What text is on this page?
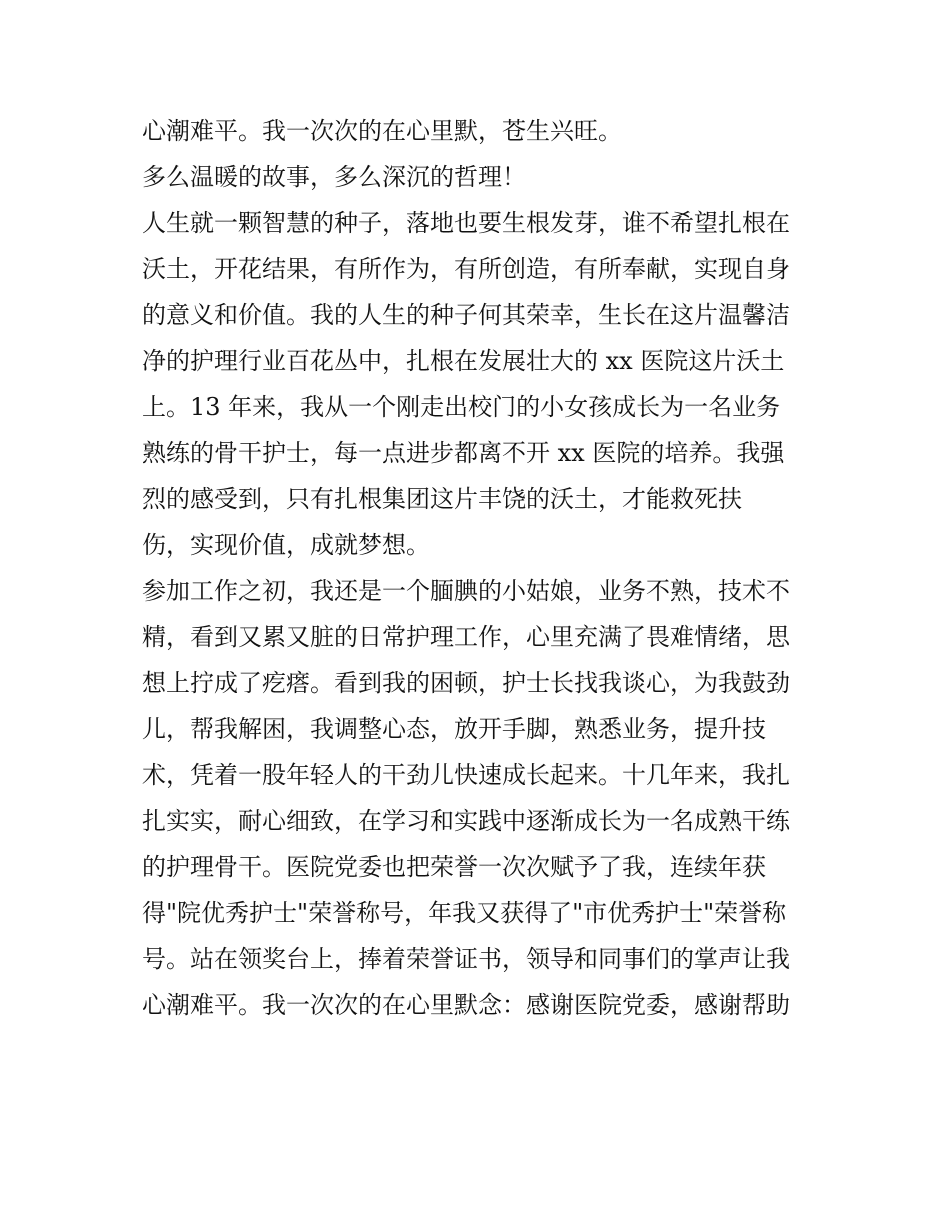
心潮难平。我一次次的在心里默，苍生兴旺。

多么温暖的故事，多么深沉的哲理！

人生就一颗智慧的种子，落地也要生根发芽，谁不希望扎根在

沃土，开花结果，有所作为，有所创造，有所奉献，实现自身

的意义和价值。我的人生的种子何其荣幸，生长在这片温馨洁

净的护理行业百花丛中，扎根在发展壮大的 xx 医院这片沃土

上。13 年来，我从一个刚走出校门的小女孩成长为一名业务

熟练的骨干护士，每一点进步都离不开 xx 医院的培养。我强

烈的感受到，只有扎根集团这片丰饶的沃土，才能救死扶

伤，实现价值，成就梦想。

参加工作之初，我还是一个腼腆的小姑娘，业务不熟，技术不

精，看到又累又脏的日常护理工作，心里充满了畏难情绪，思

想上拧成了疙瘩。看到我的困顿，护士长找我谈心，为我鼓劲

儿，帮我解困，我调整心态，放开手脚，熟悉业务，提升技

术，凭着一股年轻人的干劲儿快速成长起来。十几年来，我扎

扎实实，耐心细致，在学习和实践中逐渐成长为一名成熟干练

的护理骨干。医院党委也把荣誉一次次赋予了我，连续年获

得"院优秀护士"荣誉称号，年我又获得了"市优秀护士"荣誉称

号。站在领奖台上，捧着荣誉证书，领导和同事们的掌声让我

心潮难平。我一次次的在心里默念：感谢医院党委，感谢帮助
